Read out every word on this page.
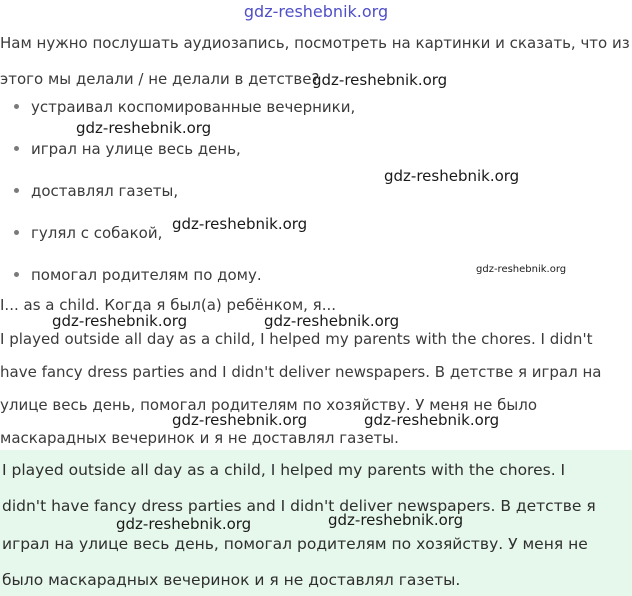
gdz-reshebnik.org
Нам нужно послушать аудиозапись, посмотреть на картинки и сказать, что из
этого мы делали / не делали в детстве?
устраивал коспомированные вечерники,
играл на улице весь день,
доставлял газеты,
гулял с собакой,
помогал родителям по дому.
I... as a child. Когда я был(а) ребёнком, я...
I played outside all day as a child, I helped my parents with the chores. I didn't
have fancy dress parties and I didn't deliver newspapers. В детстве я играл на
улице весь день, помогал родителям по хозяйству. У меня не было
маскарадных вечеринок и я не доставлял газеты.
I played outside all day as a child, I helped my parents with the chores. I
didn't have fancy dress parties and I didn't deliver newspapers. В детстве я
играл на улице весь день, помогал родителям по хозяйству. У меня не
было маскарадных вечеринок и я не доставлял газеты.
gdz-reshebnik.org
gdz-reshebnik.org
gdz-reshebnik.org
gdz-reshebnik.org
gdz-reshebnik.org
gdz-reshebnik.org	gdz-reshebnik.org
gdz-reshebnik.org	gdz-reshebnik.org
gdz-reshebnik.org	gdz-reshebnik.org
